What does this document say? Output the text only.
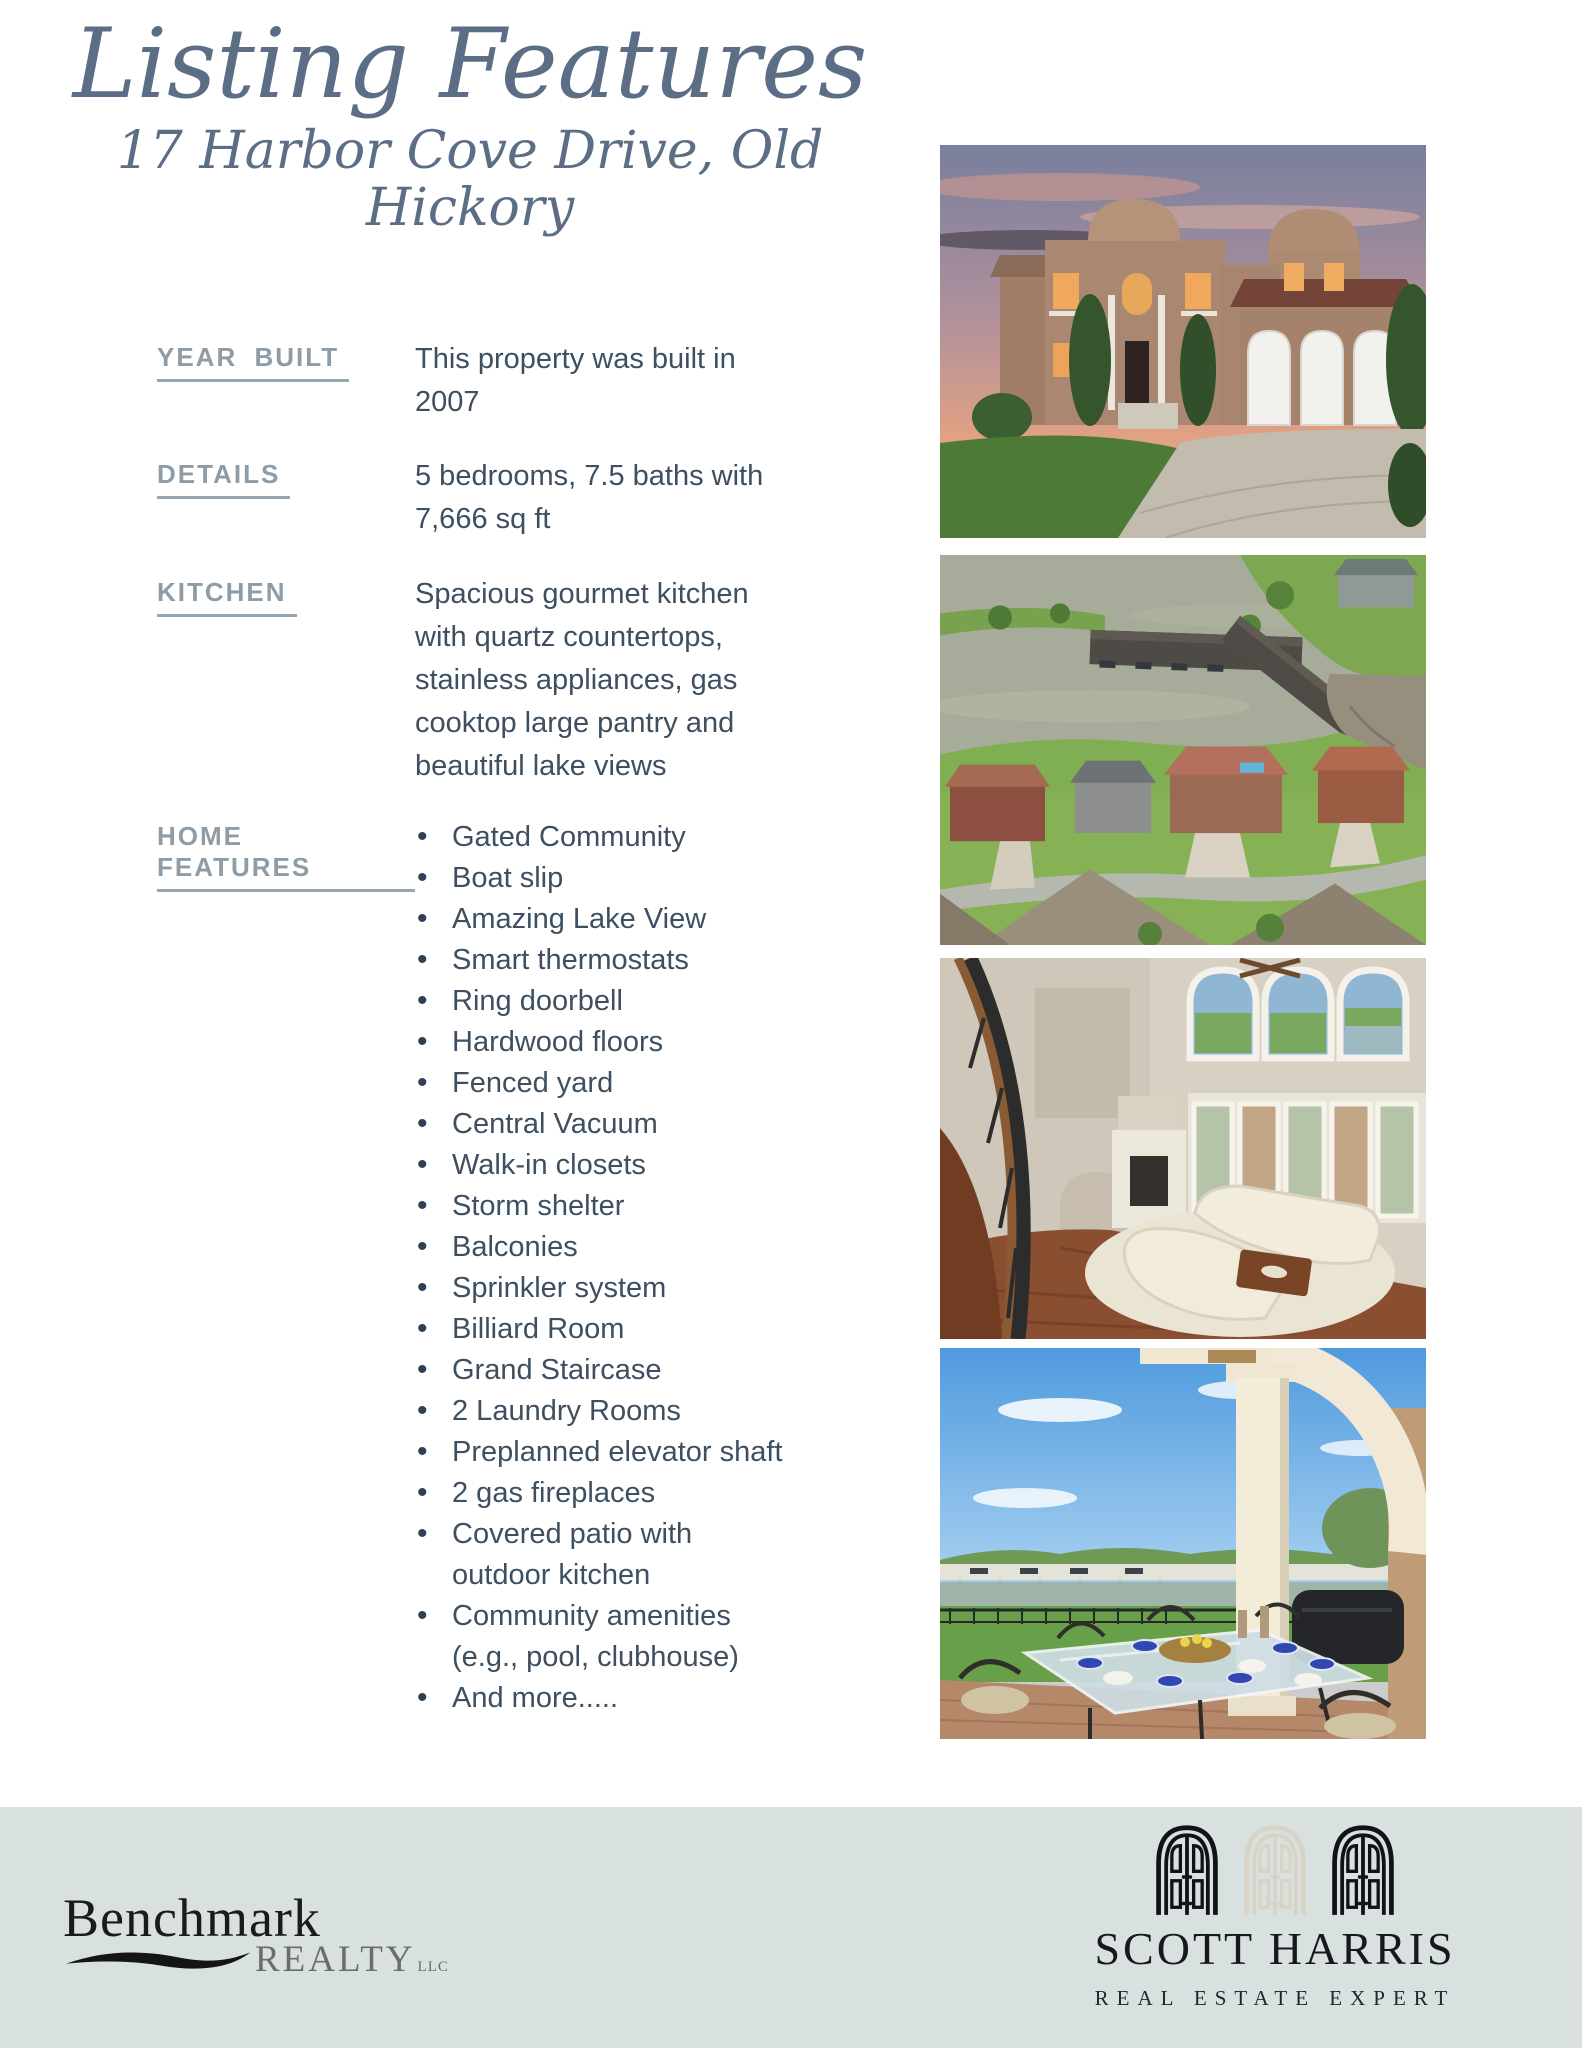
Listing Features
17 Harbor Cove Drive, Old Hickory
YEAR BUILT	This property was built in 2007
DETAILS	5 bedrooms, 7.5 baths with 7,666 sq ft
KITCHEN	Spacious gourmet kitchen with quartz countertops, stainless appliances, gas cooktop large pantry and beautiful lake views
HOME FEATURES
• Gated Community
• Boat slip
• Amazing Lake View
• Smart thermostats
• Ring doorbell
• Hardwood floors
• Fenced yard
• Central Vacuum
• Walk-in closets
• Storm shelter
• Balconies
• Sprinkler system
• Billiard Room
• Grand Staircase
• 2 Laundry Rooms
• Preplanned elevator shaft
• 2 gas fireplaces
• Covered patio with outdoor kitchen
• Community amenities (e.g., pool, clubhouse)
• And more.....
Benchmark
REALTY LLC	SCOTT HARRIS
REAL ESTATE EXPERT
